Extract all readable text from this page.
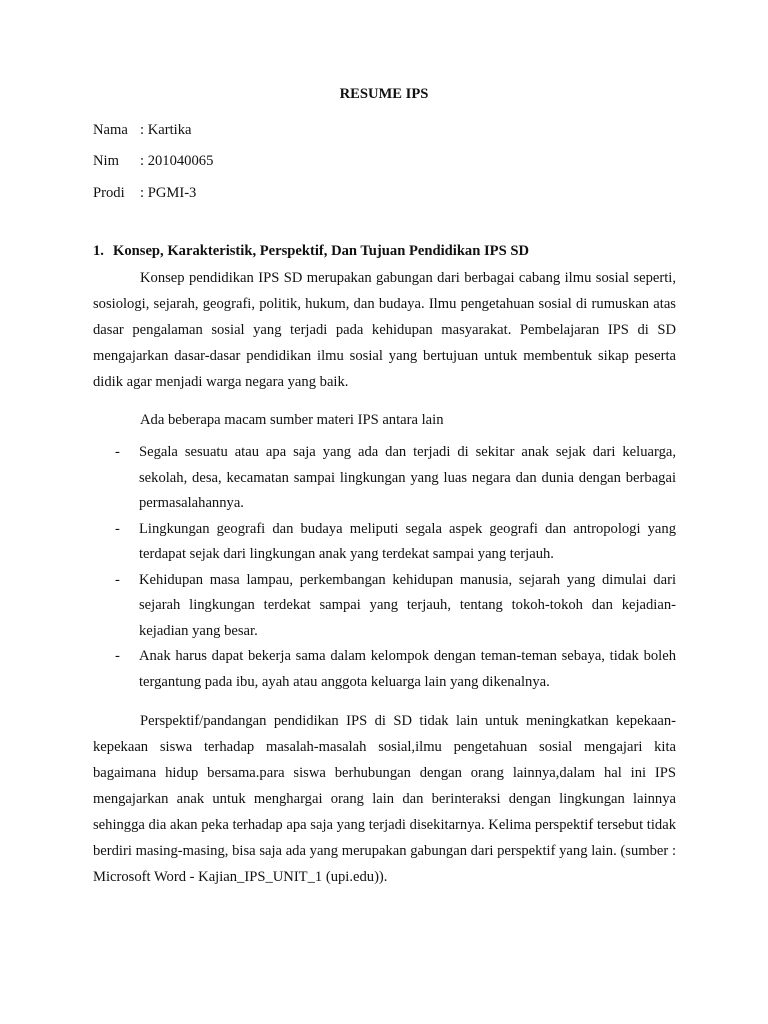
RESUME IPS
Nama : Kartika
Nim : 201040065
Prodi : PGMI-3
1. Konsep, Karakteristik, Perspektif, Dan Tujuan Pendidikan IPS SD

Konsep pendidikan IPS SD merupakan gabungan dari berbagai cabang ilmu sosial seperti, sosiologi, sejarah, geografi, politik, hukum, dan budaya. Ilmu pengetahuan sosial di rumuskan atas dasar pengalaman sosial yang terjadi pada kehidupan masyarakat. Pembelajaran IPS di SD mengajarkan dasar-dasar pendidikan ilmu sosial yang bertujuan untuk membentuk sikap peserta didik agar menjadi warga negara yang baik.

Ada beberapa macam sumber materi IPS antara lain
- Segala sesuatu atau apa saja yang ada dan terjadi di sekitar anak sejak dari keluarga, sekolah, desa, kecamatan sampai lingkungan yang luas negara dan dunia dengan berbagai permasalahannya.
- Lingkungan geografi dan budaya meliputi segala aspek geografi dan antropologi yang terdapat sejak dari lingkungan anak yang terdekat sampai yang terjauh.
- Kehidupan masa lampau, perkembangan kehidupan manusia, sejarah yang dimulai dari sejarah lingkungan terdekat sampai yang terjauh, tentang tokoh-tokoh dan kejadian-kejadian yang besar.
- Anak harus dapat bekerja sama dalam kelompok dengan teman-teman sebaya, tidak boleh tergantung pada ibu, ayah atau anggota keluarga lain yang dikenalnya.

Perspektif/pandangan pendidikan IPS di SD tidak lain untuk meningkatkan kepekaan-kepekaan siswa terhadap masalah-masalah sosial,ilmu pengetahuan sosial mengajari kita bagaimana hidup bersama.para siswa berhubungan dengan orang lainnya,dalam hal ini IPS mengajarkan anak untuk menghargai orang lain dan berinteraksi dengan lingkungan lainnya sehingga dia akan peka terhadap apa saja yang terjadi disekitarnya. Kelima perspektif tersebut tidak berdiri masing-masing, bisa saja ada yang merupakan gabungan dari perspektif yang lain. (sumber : Microsoft Word - Kajian_IPS_UNIT_1 (upi.edu)).
